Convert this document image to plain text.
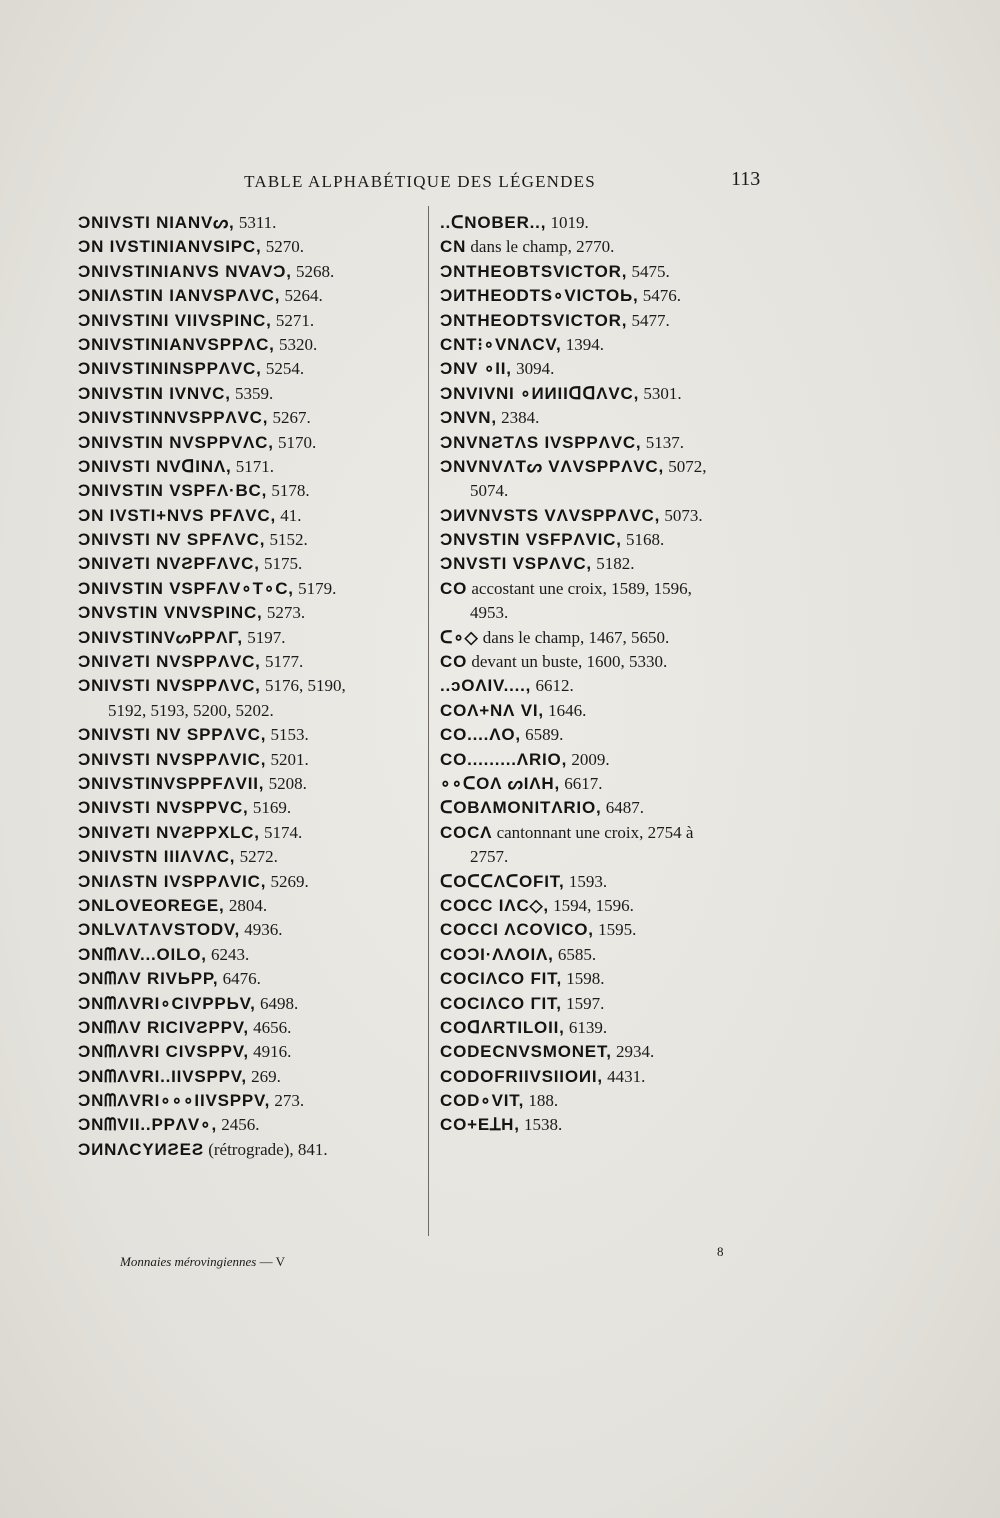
TABLE ALPHABÉTIQUE DES LÉGENDES	113
ƆNIVSTI NIANVᔕ, 5311.
ƆN IVSTINIANVSIPC, 5270.
ƆNIVSTINIANVS NVAVƆ, 5268.
ƆNIΛSTIN IANVSPΛVC, 5264.
ƆNIVSTINI VIIVSPINC, 5271.
ƆNIVSTINIANVSPPΛC, 5320.
ƆNIVSTININSPPΛVC, 5254.
ƆNIVSTIN IVNVC, 5359.
ƆNIVSTINNVSPPΛVC, 5267.
ƆNIVSTIN NVSPPVΛC, 5170.
ƆNIVSTI NVᗡINΛ, 5171.
ƆNIVSTIN VSPFΛ·BC, 5178.
ƆN IVSTI+NVS PFΛVC, 41.
ƆNIVSTI NV SPFΛVC, 5152.
ƆNIVƧTI NVƧPFΛVC, 5175.
ƆNIVSTIN VSPFΛV∘T∘C, 5179.
ƆNVSTIN VNVSPINC, 5273.
ƆNIVSTINVᔕPPΛΓ, 5197.
ƆNIVƧTI NVSPPΛVC, 5177.
ƆNIVSTI NVSPPΛVC, 5176, 5190,
5192, 5193, 5200, 5202.
ƆNIVSTI NV SPPΛVC, 5153.
ƆNIVSTI NVSPPΛVIC, 5201.
ƆNIVSTINVSPPFΛVII, 5208.
ƆNIVSTI NVSPPVC, 5169.
ƆNIVƧTI NVƧPPXLC, 5174.
ƆNIVSTN IIIΛVΛC, 5272.
ƆNIΛSTN IVSPPΛVIC, 5269.
ƆNLOVEOREGE, 2804.
ƆNLVΛTΛVSTODV, 4936.
ƆNᗰΛV...OILO, 6243.
ƆNᗰΛV RIVЬPP, 6476.
ƆNᗰΛVRI∘CIVPPЬV, 6498.
ƆNᗰΛV RICIVƧPPV, 4656.
ƆNᗰΛVRI CIVSPPV, 4916.
ƆNᗰΛVRI..IIVSPPV, 269.
ƆNᗰΛVRI∘∘∘IIVSPPV, 273.
ƆNᗰVII..PPΛV∘, 2456.
ƆИNΛCYИƧEƧ (rétrograde), 841.
..ᑕNOBER.., 1019.
CN dans le champ, 2770.
ƆNTHEOBTSVICTOR, 5475.
ƆИTHEODTS∘VICTOЬ, 5476.
ƆNTHEODTSVICTOR, 5477.
CNT⁝∘VNΛCV, 1394.
ƆNV ∘II, 3094.
ƆNVIVNI ∘ИИIIᗡᗡΛVC, 5301.
ƆNVN, 2384.
ƆNVNƧTΛS IVSPPΛVC, 5137.
ƆNVNVΛTᔕ VΛVSPPΛVC, 5072,
5074.
ƆИVNVSTS VΛVSPPΛVC, 5073.
ƆNVSTIN VSFPΛVIC, 5168.
ƆNVSTI VSPΛVC, 5182.
CO accostant une croix, 1589, 1596,
4953.
ᑕ∘◇ dans le champ, 1467, 5650.
CO devant un buste, 1600, 5330.
..ɔOΛIV...., 6612.
COΛ+NΛ VI, 1646.
CO....ΛO, 6589.
CO.........ΛRIO, 2009.
∘∘ᑕOΛ ᔕIΛH, 6617.
ᑕOBΛMONITΛRIO, 6487.
COCΛ cantonnant une croix, 2754 à
2757.
ᑕOᑕᑕΛᑕOFIT, 1593.
COCC IΛC◇, 1594, 1596.
COCCI ΛCOVICO, 1595.
COƆI·ΛΛOIΛ, 6585.
COCIΛCO FIT, 1598.
COCIΛCO ΓIT, 1597.
COᗡΛRTILOII, 6139.
CODECNVSMONET, 2934.
CODOFRIIVSIIOИI, 4431.
COD∘VIT, 188.
CO+EꓕH, 1538.
Monnaies mérovingiennes — V
8
